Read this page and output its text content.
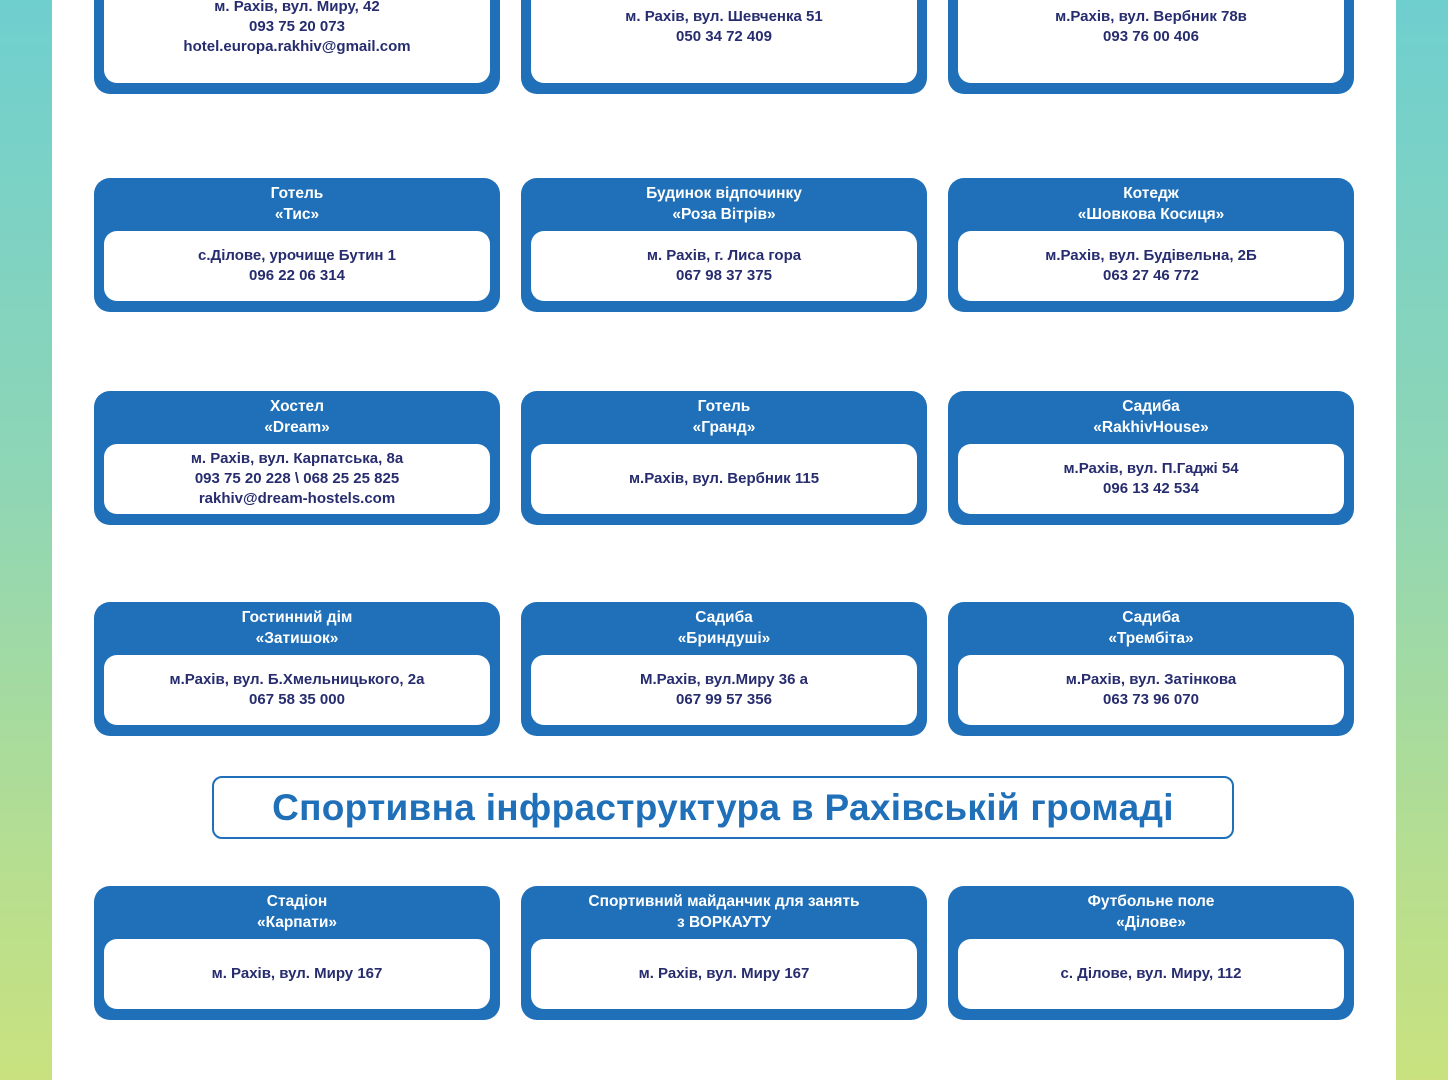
м. Рахів, вул. Миру, 42
093 75 20 073
hotel.europa.rakhiv@gmail.com
м. Рахів, вул. Шевченка 51
050 34 72 409
м.Рахів, вул. Вербник 78в
093 76 00 406
Готель
«Тис»
с.Ділове, урочище Бутин 1
096 22 06 314
Будинок відпочинку
«Роза Вітрів»
м. Рахів, г. Лиса гора
067 98 37 375
Котедж
«Шовкова Косиця»
м.Рахів, вул. Будівельна, 2Б
063 27 46 772
Хостел
«Dream»
м. Рахів, вул. Карпатська, 8а
093 75 20 228 \ 068 25 25 825
rakhiv@dream-hostels.com
Готель
«Гранд»
м.Рахів, вул. Вербник 115
Садиба
«RakhivHouse»
м.Рахів, вул. П.Гаджі 54
096 13 42 534
Гостинний дім
«Затишок»
м.Рахів, вул. Б.Хмельницького, 2а
067 58 35 000
Садиба
«Бриндуші»
М.Рахів, вул.Миру 36 а
067 99 57 356
Садиба
«Трембіта»
м.Рахів, вул. Затінкова
063 73 96 070
Спортивна інфраструктура в Рахівській громаді
Стадіон
«Карпати»
м. Рахів, вул. Миру 167
Спортивний майданчик для занять
з ВОРКАУТУ
м. Рахів, вул. Миру 167
Футбольне поле
«Ділове»
с. Ділове, вул. Миру, 112
